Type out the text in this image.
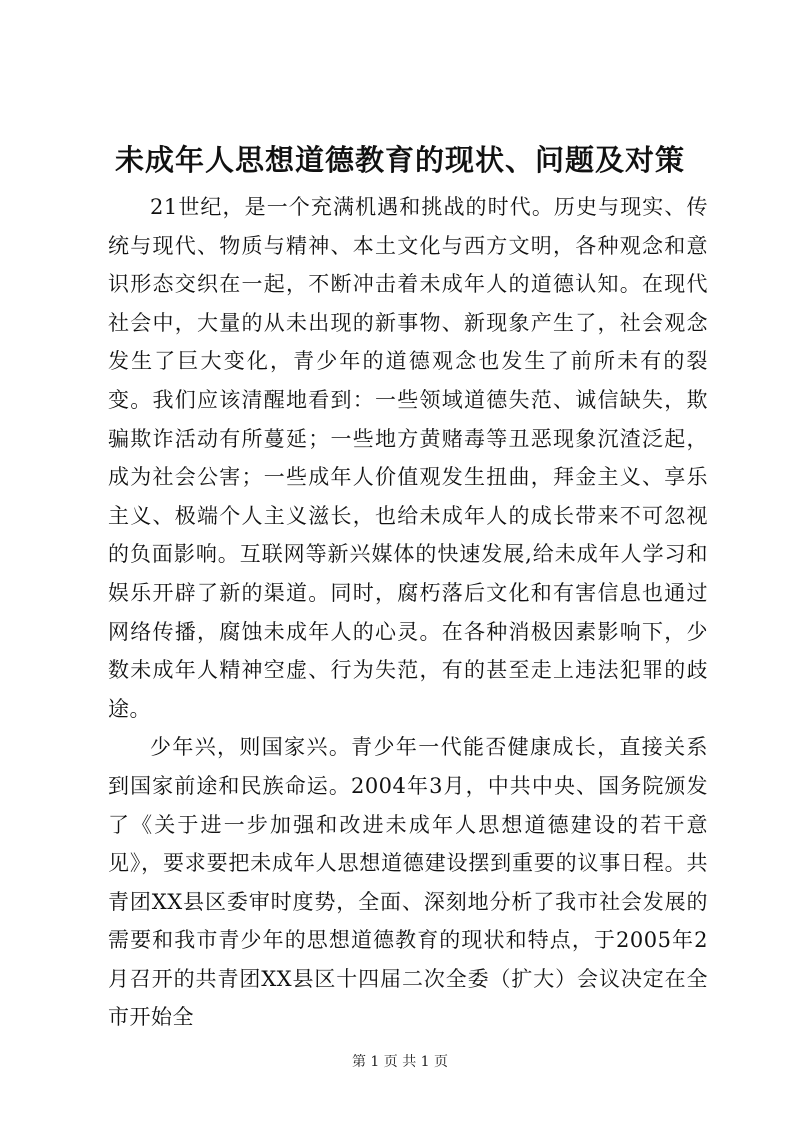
未成年人思想道德教育的现状、问题及对策

21世纪，是一个充满机遇和挑战的时代。历史与现实、传统与现代、物质与精神、本土文化与西方文明，各种观念和意识形态交织在一起，不断冲击着未成年人的道德认知。在现代社会中，大量的从未出现的新事物、新现象产生了，社会观念发生了巨大变化，青少年的道德观念也发生了前所未有的裂变。我们应该清醒地看到：一些领域道德失范、诚信缺失，欺骗欺诈活动有所蔓延；一些地方黄赌毒等丑恶现象沉渣泛起，成为社会公害；一些成年人价值观发生扭曲，拜金主义、享乐主义、极端个人主义滋长，也给未成年人的成长带来不可忽视的负面影响。互联网等新兴媒体的快速发展,给未成年人学习和娱乐开辟了新的渠道。同时，腐朽落后文化和有害信息也通过网络传播，腐蚀未成年人的心灵。在各种消极因素影响下，少数未成年人精神空虚、行为失范，有的甚至走上违法犯罪的歧途。

少年兴，则国家兴。青少年一代能否健康成长，直接关系到国家前途和民族命运。2004年3月，中共中央、国务院颁发了《关于进一步加强和改进未成年人思想道德建设的若干意见》，要求要把未成年人思想道德建设摆到重要的议事日程。共青团XX县区委审时度势，全面、深刻地分析了我市社会发展的需要和我市青少年的思想道德教育的现状和特点，于2005年2月召开的共青团XX县区十四届二次全委（扩大）会议决定在全市开始全

第 1 页 共 1 页
